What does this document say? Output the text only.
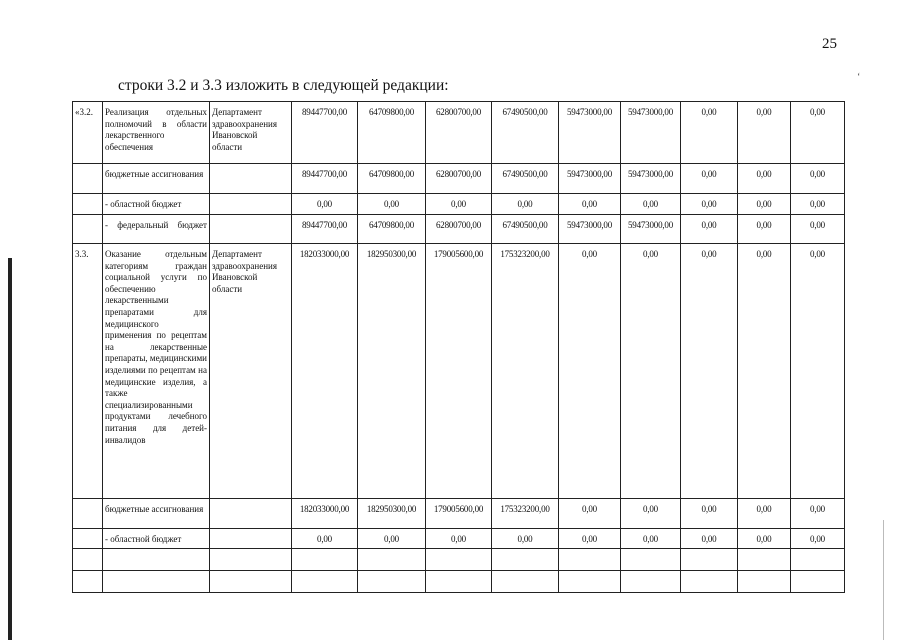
25
‘
строки 3.2 и 3.3 изложить в следующей редакции:
«3.2.	Реализация отдельных полномочий в области лекарственного обеспечения	Департамент здравоохранения Ивановской области	89447700,00	64709800,00	62800700,00	67490500,00	59473000,00	59473000,00	0,00	0,00	0,00
	бюджетные ассигнования		89447700,00	64709800,00	62800700,00	67490500,00	59473000,00	59473000,00	0,00	0,00	0,00
	- областной бюджет		0,00	0,00	0,00	0,00	0,00	0,00	0,00	0,00	0,00
	- федеральный бюджет		89447700,00	64709800,00	62800700,00	67490500,00	59473000,00	59473000,00	0,00	0,00	0,00
3.3.	Оказание отдельным категориям граждан социальной услуги по обеспечению лекарственными препаратами для медицинского применения по рецептам на лекарственные препараты, медицинскими изделиями по рецептам на медицинские изделия, а также специализированными продуктами лечебного питания для детей-инвалидов	Департамент здравоохранения Ивановской области	182033000,00	182950300,00	179005600,00	175323200,00	0,00	0,00	0,00	0,00	0,00
	бюджетные ассигнования		182033000,00	182950300,00	179005600,00	175323200,00	0,00	0,00	0,00	0,00	0,00
	- областной бюджет		0,00	0,00	0,00	0,00	0,00	0,00	0,00	0,00	0,00
